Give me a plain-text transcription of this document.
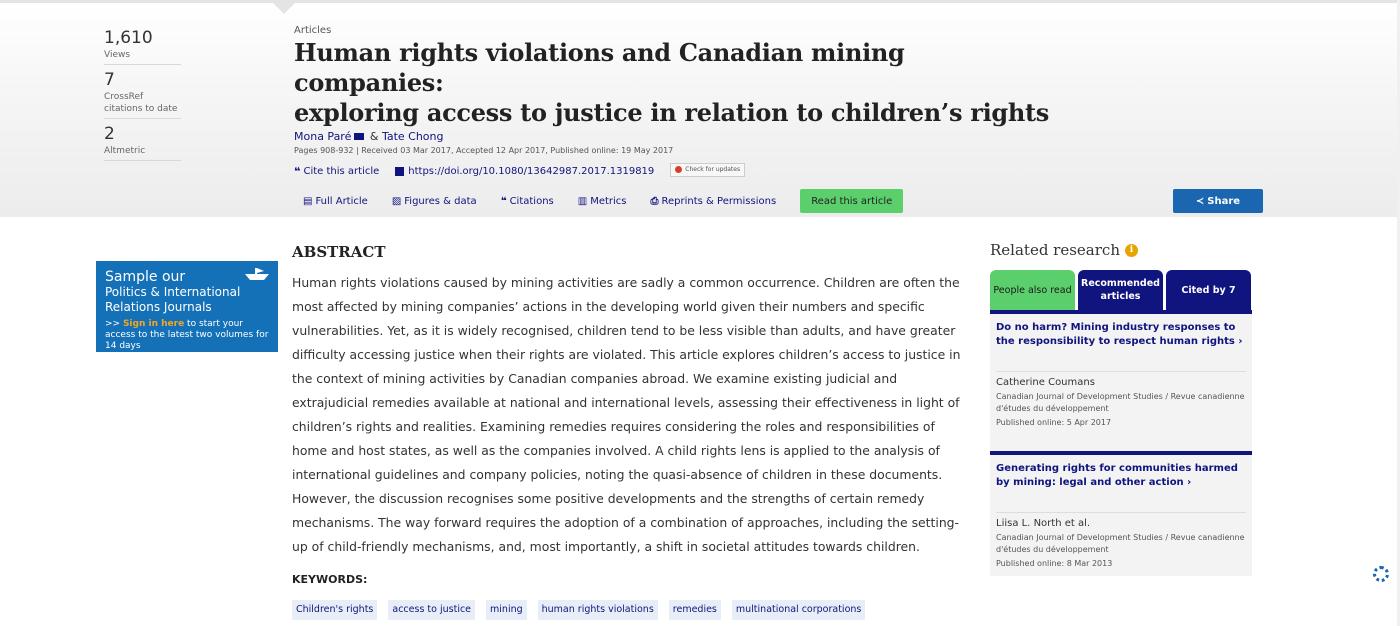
1,610
Views
7
CrossRef citations to date
2
Altmetric
Articles
Human rights violations and Canadian mining companies:
exploring access to justice in relation to children’s rights
Mona Paré & Tate Chong
Pages 908-932 | Received 03 Mar 2017, Accepted 12 Apr 2017, Published online: 19 May 2017
❝ Cite this article	https://doi.org/10.1080/13642987.2017.1319819	Check for updates
▤ Full Article ▨ Figures & data ❝ Citations ▥ Metrics ⎙ Reprints & Permissions	Read this article	≺ Share
Sample our
Politics & International
Relations Journals
>> Sign in here to start your access to the latest two volumes for 14 days
ABSTRACT
Human rights violations caused by mining activities are sadly a common occurrence. Children are often the most affected by mining companies’ actions in the developing world given their numbers and specific vulnerabilities. Yet, as it is widely recognised, children tend to be less visible than adults, and have greater difficulty accessing justice when their rights are violated. This article explores children’s access to justice in the context of mining activities by Canadian companies abroad. We examine existing judicial and extrajudicial remedies available at national and international levels, assessing their effectiveness in light of children’s rights and realities. Examining remedies requires considering the roles and responsibilities of home and host states, as well as the companies involved. A child rights lens is applied to the analysis of international guidelines and company policies, noting the quasi-absence of children in these documents. However, the discussion recognises some positive developments and the strengths of certain remedy mechanisms. The way forward requires the adoption of a combination of approaches, including the setting-up of child-friendly mechanisms, and, most importantly, a shift in societal attitudes towards children.
KEYWORDS:
Children's rights	access to justice	mining	human rights violations	remedies	multinational corporations
Related research	i
People also read
Recommended articles
Cited by 7
Do no harm? Mining industry responses to the responsibility to respect human rights ›
Catherine Coumans
Canadian Journal of Development Studies / Revue canadienne d'études du développement
Published online: 5 Apr 2017
Generating rights for communities harmed by mining: legal and other action ›
Liisa L. North et al.
Canadian Journal of Development Studies / Revue canadienne d'études du développement
Published online: 8 Mar 2013
